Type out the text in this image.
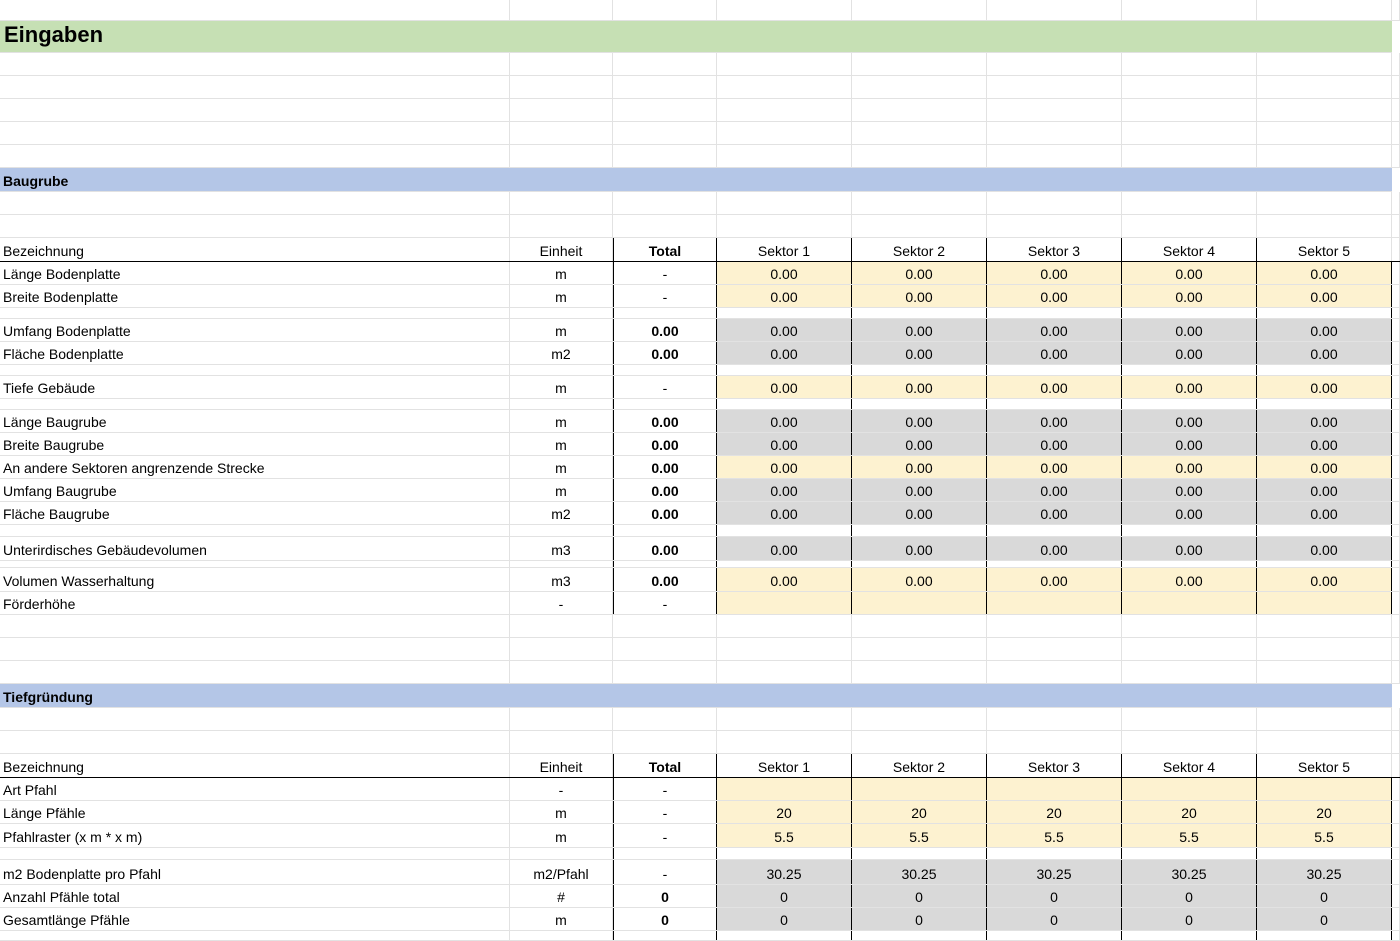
Eingaben
Baugrube
Bezeichnung	Einheit	Total	Sektor 1	Sektor 2	Sektor 3	Sektor 4	Sektor 5
Länge Bodenplatte	m	-	0.00	0.00	0.00	0.00	0.00
Breite Bodenplatte	m	-	0.00	0.00	0.00	0.00	0.00
Umfang Bodenplatte	m	0.00	0.00	0.00	0.00	0.00	0.00
Fläche Bodenplatte	m2	0.00	0.00	0.00	0.00	0.00	0.00
Tiefe Gebäude	m	-	0.00	0.00	0.00	0.00	0.00
Länge Baugrube	m	0.00	0.00	0.00	0.00	0.00	0.00
Breite Baugrube	m	0.00	0.00	0.00	0.00	0.00	0.00
An andere Sektoren angrenzende Strecke	m	0.00	0.00	0.00	0.00	0.00	0.00
Umfang Baugrube	m	0.00	0.00	0.00	0.00	0.00	0.00
Fläche Baugrube	m2	0.00	0.00	0.00	0.00	0.00	0.00
Unterirdisches Gebäudevolumen	m3	0.00	0.00	0.00	0.00	0.00	0.00
Volumen Wasserhaltung	m3	0.00	0.00	0.00	0.00	0.00	0.00
Förderhöhe	-	-
Tiefgründung
Bezeichnung	Einheit	Total	Sektor 1	Sektor 2	Sektor 3	Sektor 4	Sektor 5
Art Pfahl	-	-
Länge Pfähle	m	-	20	20	20	20	20
Pfahlraster (x m * x m)	m	-	5.5	5.5	5.5	5.5	5.5
m2 Bodenplatte pro Pfahl	m2/Pfahl	-	30.25	30.25	30.25	30.25	30.25
Anzahl Pfähle total	#	0	0	0	0	0	0
Gesamtlänge Pfähle	m	0	0	0	0	0	0
